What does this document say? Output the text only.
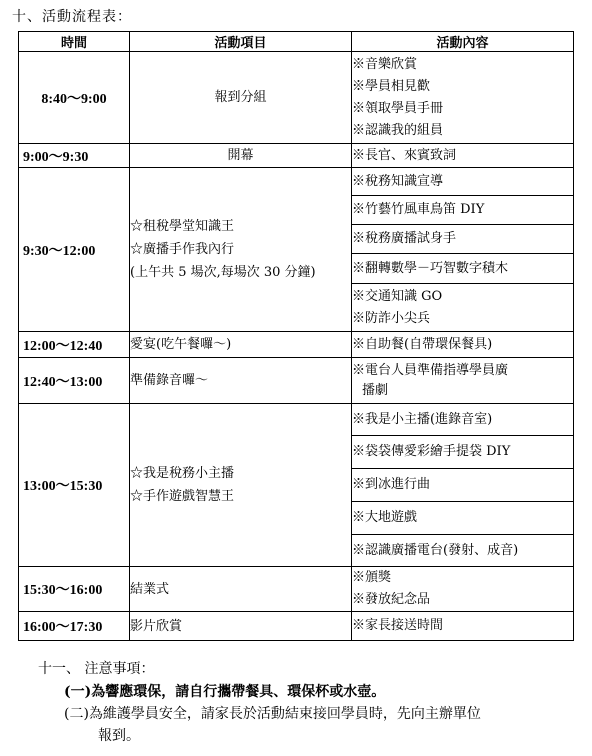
十、活動流程表：
時間	活動項目	活動內容
8:40～9:00	報到分組	※音樂欣賞
※學員相見歡
※領取學員手冊
※認識我的組員

9:00～9:30	開幕	※長官、來賓致詞

9:30～12:00	☆租稅學堂知識王
☆廣播手作我內行
(上午共 5 場次,每場次 30 分鐘)	※稅務知識宣導

		※竹藝竹風車鳥笛 DIY

		※稅務廣播試身手

		※翻轉數學－巧智數字積木

		※交通知識 GO
※防詐小尖兵

12:00～12:40	愛宴(吃午餐囉～)	※自助餐(自帶環保餐具)

12:40～13:00	準備錄音囉～	※電台人員準備指導學員廣
播劇

13:00～15:30	☆我是稅務小主播
☆手作遊戲智慧王	※我是小主播(進錄音室)

		※袋袋傳愛彩繪手提袋 DIY

		※到冰進行曲

		※大地遊戲

		※認識廣播電台(發射、成音)

15:30～16:00	結業式	※頒獎
※發放紀念品

16:00～17:30	影片欣賞	※家長接送時間
十一、 注意事項：
(一)為響應環保，請自行攜帶餐具、環保杯或水壺。
(二)為維護學員安全，請家長於活動結束接回學員時，先向主辦單位
報到。
